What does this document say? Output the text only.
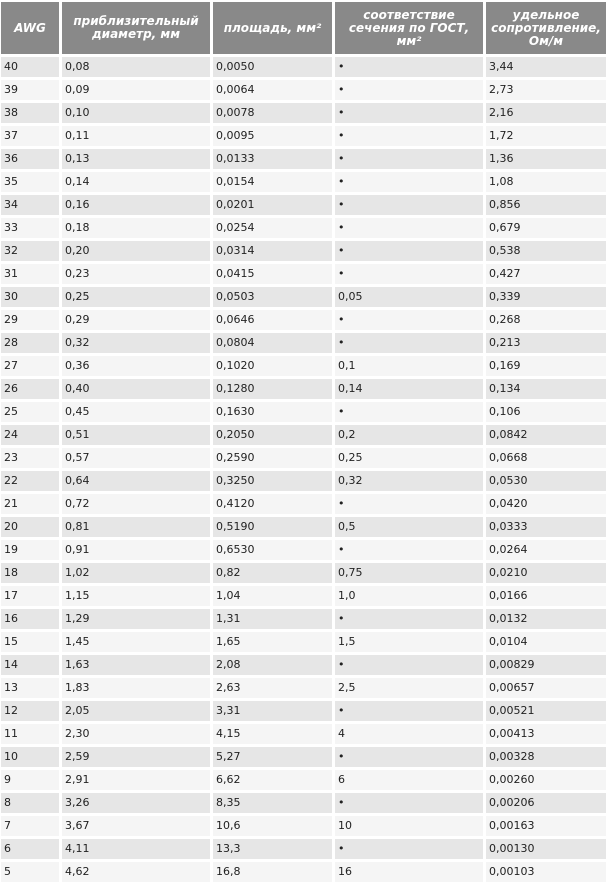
AWG	приблизительный диаметр, мм	площадь, мм²	соответствие сечения по ГОСТ, мм²	удельное сопротивление, Ом/м
40	0,08	0,0050	•	3,44
39	0,09	0,0064	•	2,73
38	0,10	0,0078	•	2,16
37	0,11	0,0095	•	1,72
36	0,13	0,0133	•	1,36
35	0,14	0,0154	•	1,08
34	0,16	0,0201	•	0,856
33	0,18	0,0254	•	0,679
32	0,20	0,0314	•	0,538
31	0,23	0,0415	•	0,427
30	0,25	0,0503	0,05	0,339
29	0,29	0,0646	•	0,268
28	0,32	0,0804	•	0,213
27	0,36	0,1020	0,1	0,169
26	0,40	0,1280	0,14	0,134
25	0,45	0,1630	•	0,106
24	0,51	0,2050	0,2	0,0842
23	0,57	0,2590	0,25	0,0668
22	0,64	0,3250	0,32	0,0530
21	0,72	0,4120	•	0,0420
20	0,81	0,5190	0,5	0,0333
19	0,91	0,6530	•	0,0264
18	1,02	0,82	0,75	0,0210
17	1,15	1,04	1,0	0,0166
16	1,29	1,31	•	0,0132
15	1,45	1,65	1,5	0,0104
14	1,63	2,08	•	0,00829
13	1,83	2,63	2,5	0,00657
12	2,05	3,31	•	0,00521
11	2,30	4,15	4	0,00413
10	2,59	5,27	•	0,00328
9	2,91	6,62	6	0,00260
8	3,26	8,35	•	0,00206
7	3,67	10,6	10	0,00163
6	4,11	13,3	•	0,00130
5	4,62	16,8	16	0,00103
